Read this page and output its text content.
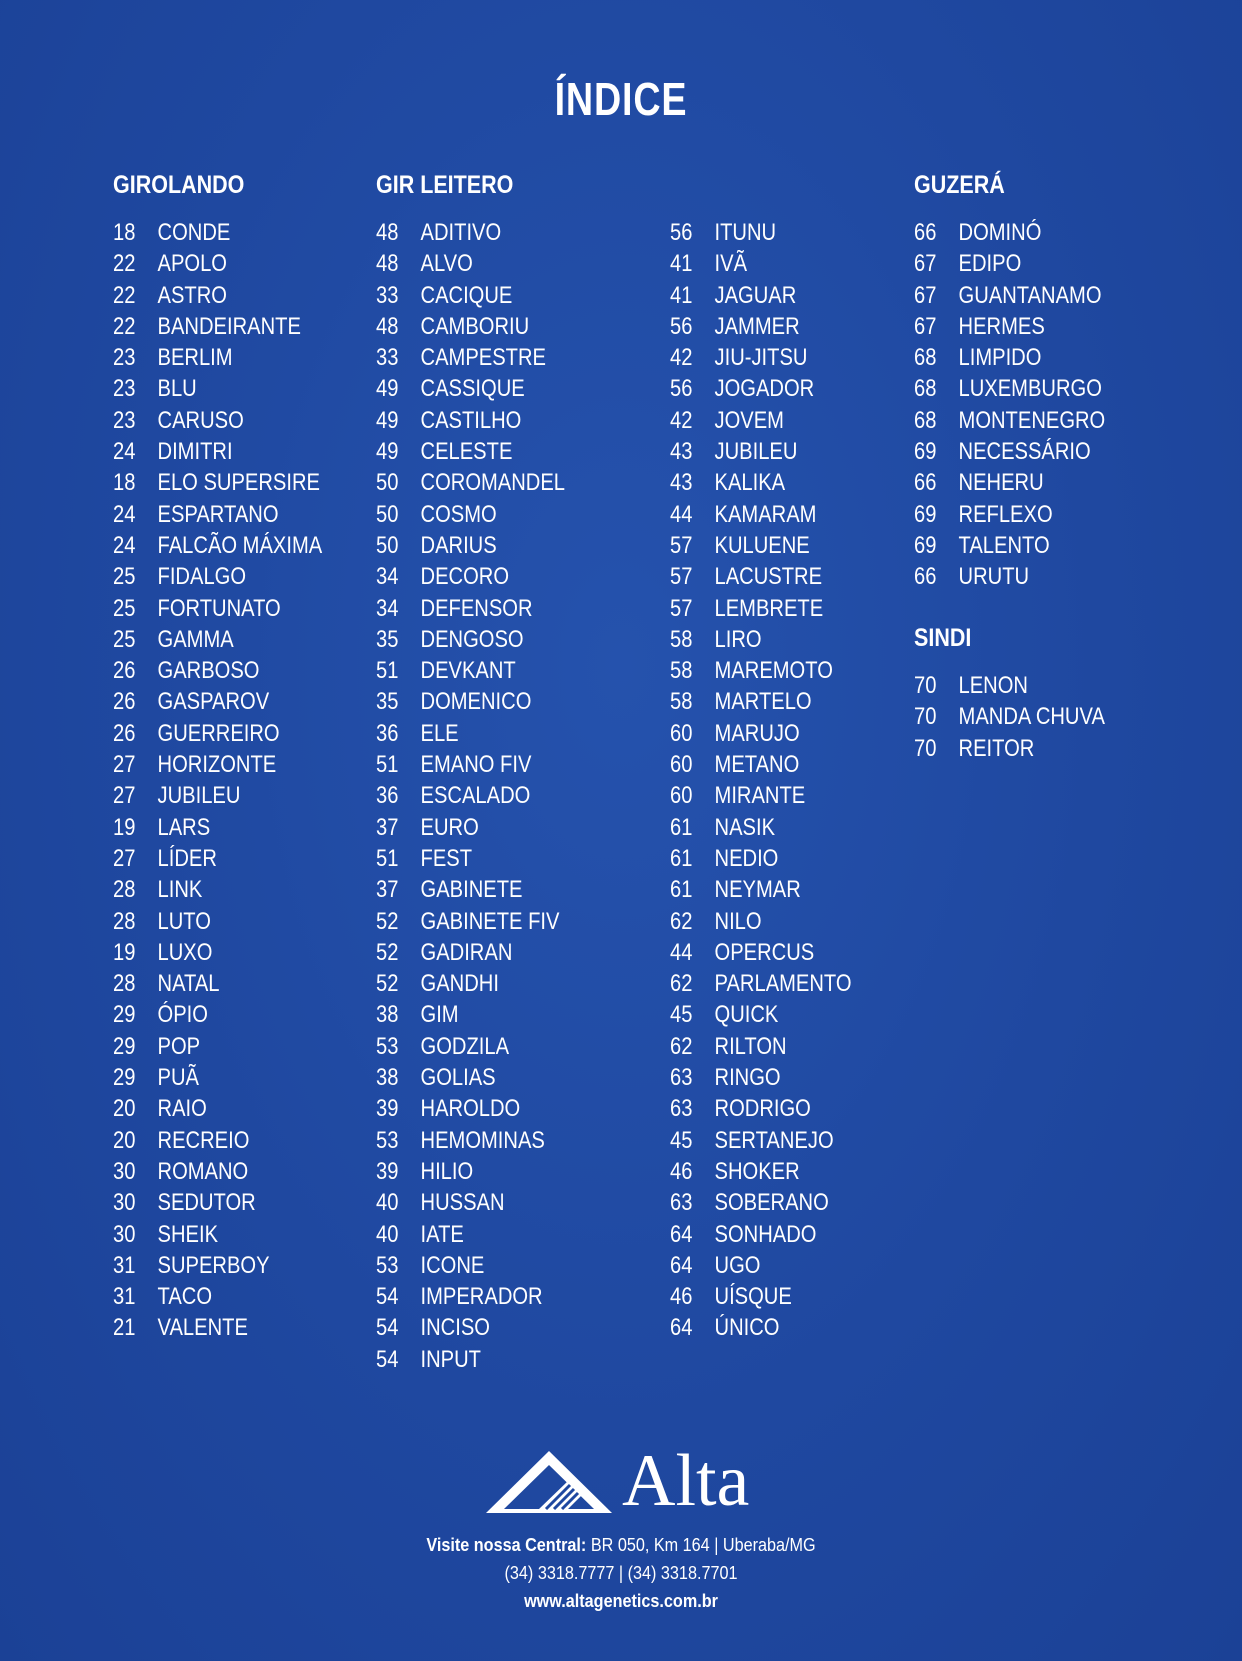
ÍNDICE
GIROLANDO
18 CONDE
22 APOLO
22 ASTRO
22 BANDEIRANTE
23 BERLIM
23 BLU
23 CARUSO
24 DIMITRI
18 ELO SUPERSIRE
24 ESPARTANO
24 FALCÃO MÁXIMA
25 FIDALGO
25 FORTUNATO
25 GAMMA
26 GARBOSO
26 GASPAROV
26 GUERREIRO
27 HORIZONTE
27 JUBILEU
19 LARS
27 LÍDER
28 LINK
28 LUTO
19 LUXO
28 NATAL
29 ÓPIO
29 POP
29 PUÃ
20 RAIO
20 RECREIO
30 ROMANO
30 SEDUTOR
30 SHEIK
31 SUPERBOY
31 TACO
21 VALENTE
GIR LEITERO
48 ADITIVO
48 ALVO
33 CACIQUE
48 CAMBORIU
33 CAMPESTRE
49 CASSIQUE
49 CASTILHO
49 CELESTE
50 COROMANDEL
50 COSMO
50 DARIUS
34 DECORO
34 DEFENSOR
35 DENGOSO
51 DEVKANT
35 DOMENICO
36 ELE
51 EMANO FIV
36 ESCALADO
37 EURO
51 FEST
37 GABINETE
52 GABINETE FIV
52 GADIRAN
52 GANDHI
38 GIM
53 GODZILA
38 GOLIAS
39 HAROLDO
53 HEMOMINAS
39 HILIO
40 HUSSAN
40 IATE
53 ICONE
54 IMPERADOR
54 INCISO
54 INPUT
56 ITUNU
41 IVÃ
41 JAGUAR
56 JAMMER
42 JIU-JITSU
56 JOGADOR
42 JOVEM
43 JUBILEU
43 KALIKA
44 KAMARAM
57 KULUENE
57 LACUSTRE
57 LEMBRETE
58 LIRO
58 MAREMOTO
58 MARTELO
60 MARUJO
60 METANO
60 MIRANTE
61 NASIK
61 NEDIO
61 NEYMAR
62 NILO
44 OPERCUS
62 PARLAMENTO
45 QUICK
62 RILTON
63 RINGO
63 RODRIGO
45 SERTANEJO
46 SHOKER
63 SOBERANO
64 SONHADO
64 UGO
46 UÍSQUE
64 ÚNICO
GUZERÁ
66 DOMINÓ
67 EDIPO
67 GUANTANAMO
67 HERMES
68 LIMPIDO
68 LUXEMBURGO
68 MONTENEGRO
69 NECESSÁRIO
66 NEHERU
69 REFLEXO
69 TALENTO
66 URUTU
SINDI
70 LENON
70 MANDA CHUVA
70 REITOR
Alta
Visite nossa Central: BR 050, Km 164 | Uberaba/MG
(34) 3318.7777 | (34) 3318.7701
www.altagenetics.com.br
